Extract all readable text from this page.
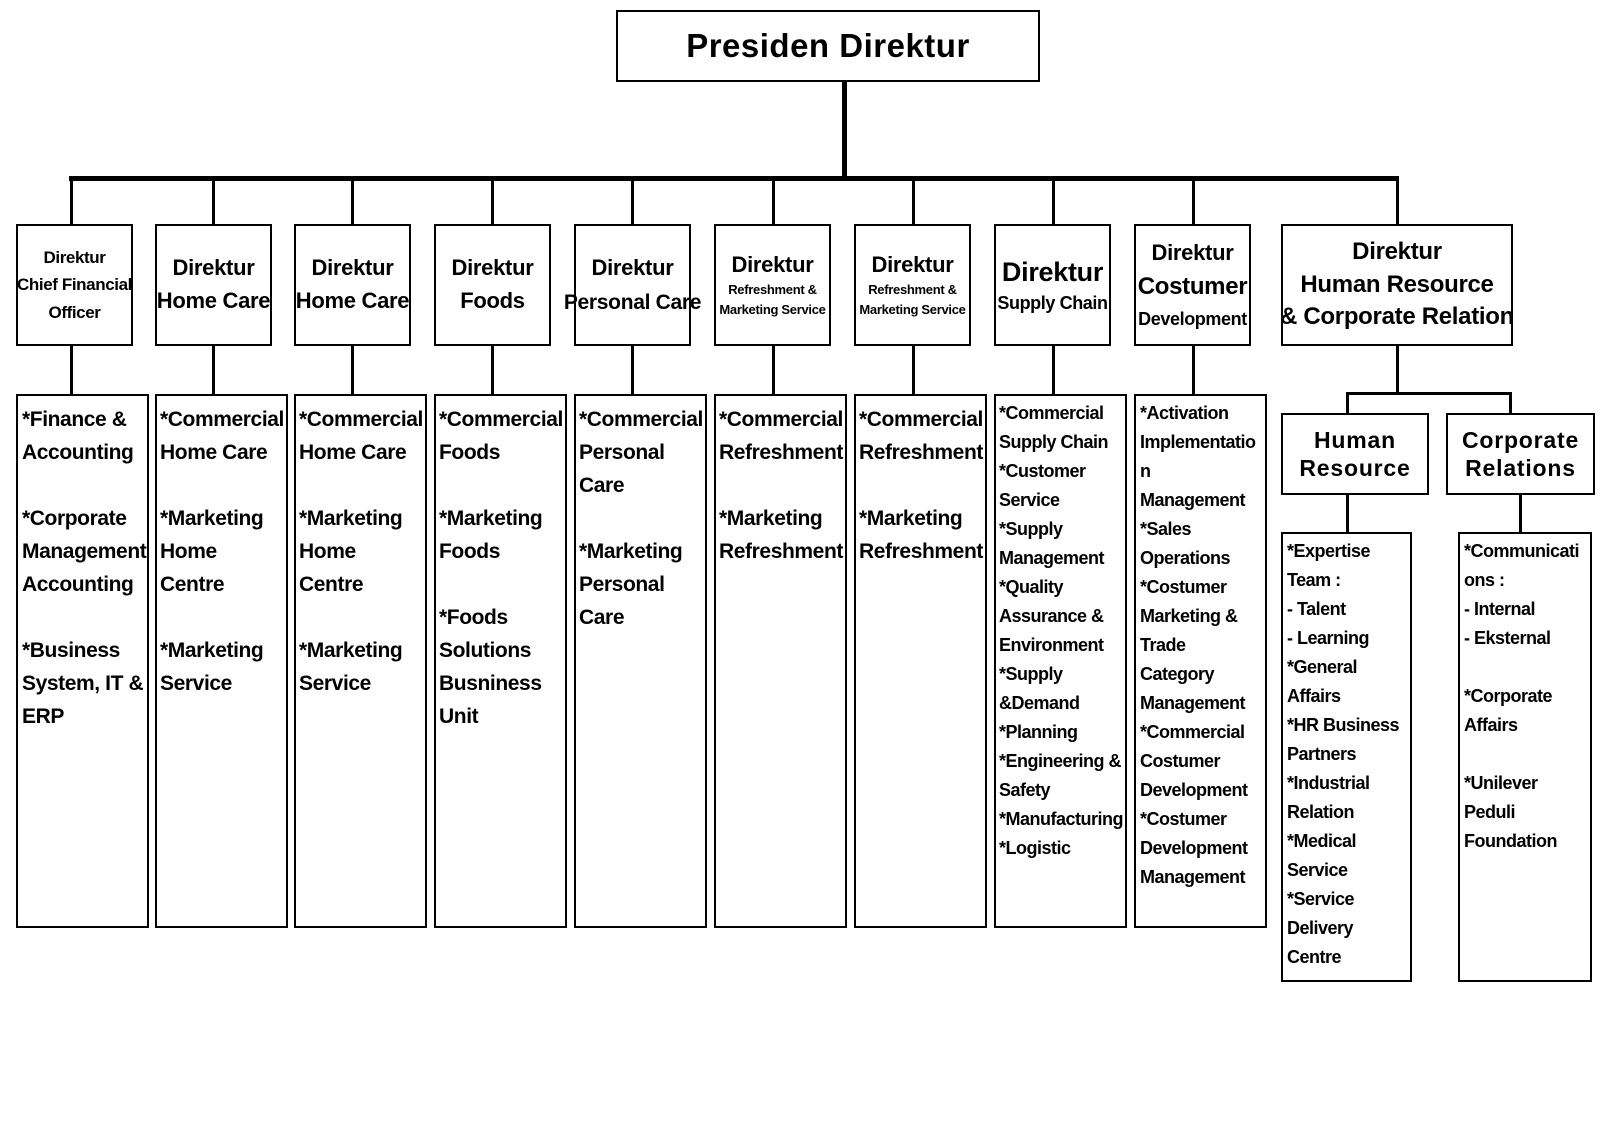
Presiden Direktur
Direktur
Chief Financial
Officer
Direktur
Home Care
Direktur
Home Care
Direktur
Foods
Direktur
Personal Care
Direktur
Refreshment &
Marketing Service
Direktur
Refreshment &
Marketing Service
Direktur
Supply Chain
Direktur
Costumer
Development
Direktur
Human Resource
& Corporate Relation
*Finance &
Accounting
*Corporate
Management
Accounting
*Business
System, IT &
ERP
*Commercial
Home Care
*Marketing
Home Centre
*Marketing
Service
*Commercial
Home Care
*Marketing
Home Centre
*Marketing
Service
*Commercial
Foods
*Marketing
Foods
*Foods
Solutions
Busniness
Unit
*Commercial
Personal
Care
*Marketing
Personal
Care
*Commercial
Refreshment
*Marketing
Refreshment
*Commercial
Refreshment
*Marketing
Refreshment
*Commercial
Supply Chain
*Customer
Service
*Supply
Management
*Quality
Assurance &
Environment
*Supply
&Demand
*Planning
*Engineering &
Safety
*Manufacturing
*Logistic
*Activation
Implementatio
n
Management
*Sales
Operations
*Costumer
Marketing &
Trade
Category
Management
*Commercial
Costumer
Development
*Costumer
Development
Management
Human
Resource
Corporate
Relations
*Expertise
Team :
- Talent
- Learning
*General
Affairs
*HR Business
Partners
*Industrial
Relation
*Medical
Service
*Service
Delivery
Centre
*Communicati
ons :
- Internal
- Eksternal
*Corporate
Affairs
*Unilever
Peduli
Foundation
